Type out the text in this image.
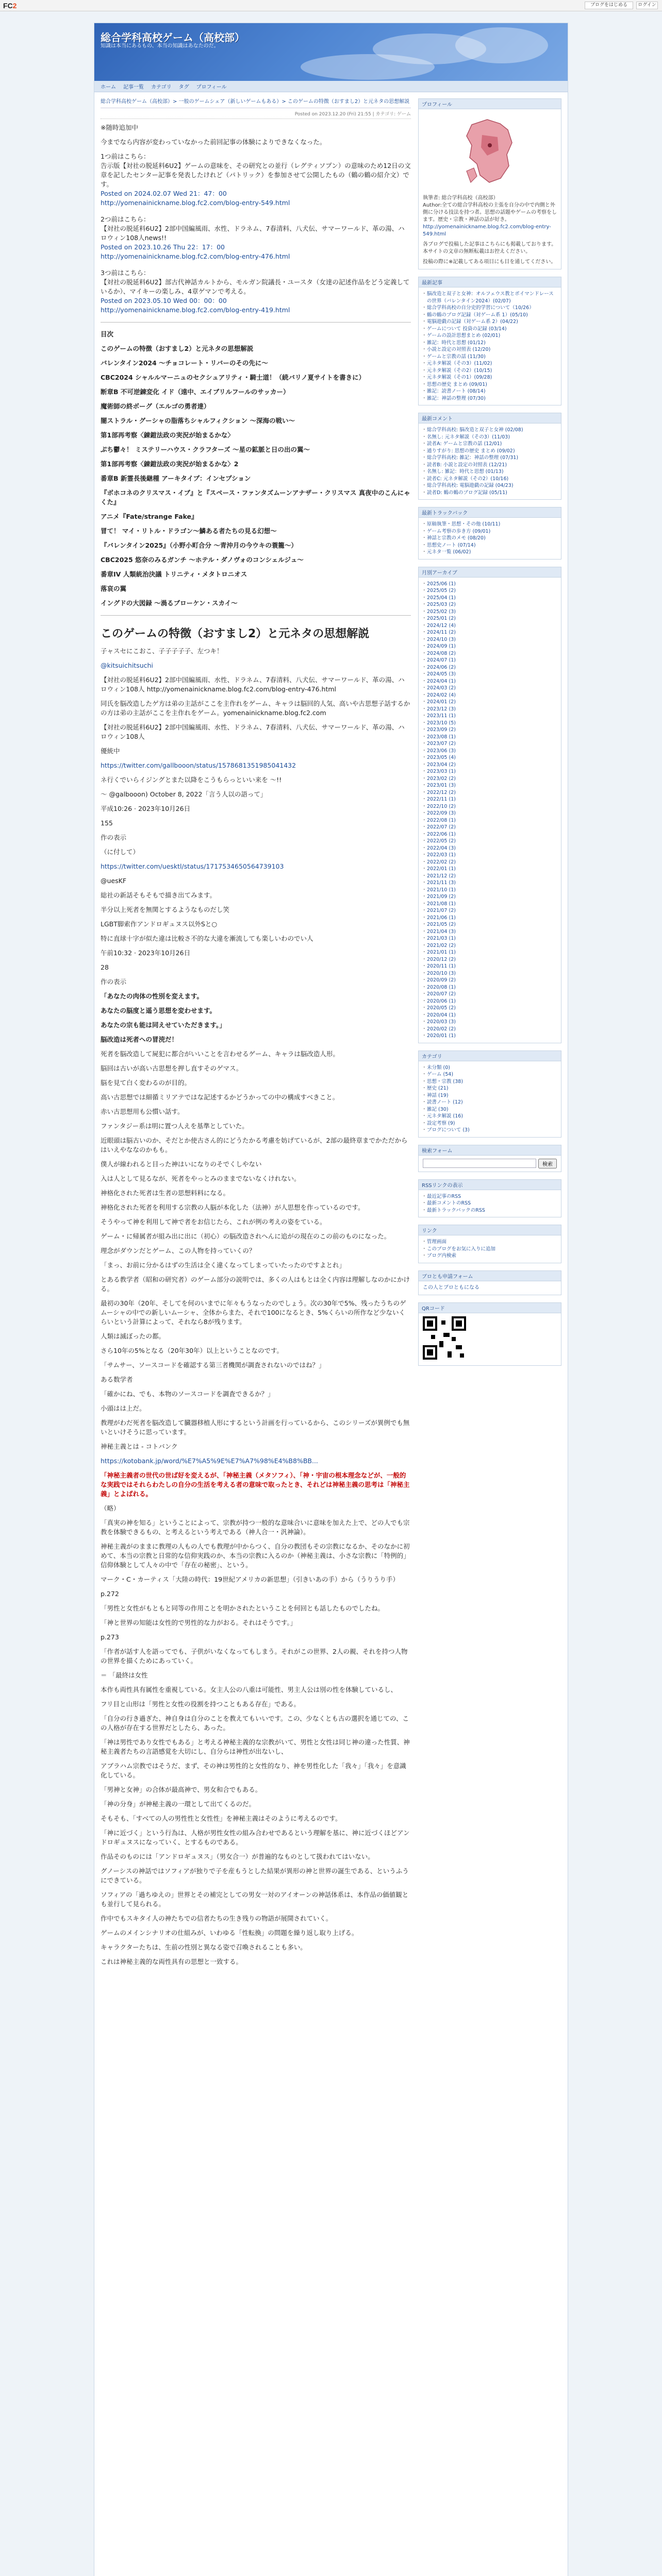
FC2	ブログをはじめる	ログイン
総合学科高校ゲーム（高校部）
知識は本当にあるもの、本当の知識はあなたのだ。
ホーム 記事一覧 カテゴリ タグ プロフィール
総合学科高校ゲーム（高校部）> 一般のゲームシェア（新しいゲームもある）> このゲームの特徴（おすまし2）と元ネタの思想解説
Posted on 2023.12.20 (Fri) 21:55 | カテゴリ: ゲーム

※随時追加中

今までなら内容が変わっていなかった前回記事の体験によりできなくなった。

1つ前はこちら：
告示版【対社の脱延料6U2】ゲームの意味を、その研究との並行（レグティソプン）の意味のため12日の文章を記したセンター記事を発表したけれど（パトリック）を参加させて公開したもの（鶴の鶴の紹介文）です。
Posted on 2024.02.07 Wed 21：47：00
http://yomenainickname.blog.fc2.com/blog-entry-549.html
2つ前はこちら：
【対社の脱延料6U2】2部中国編風雨、水性、ドラネム、7春清料、八犬伝、サマーワールド、革の湯、ハロウィン108人news!!
Posted on 2023.10.26 Thu 22：17：00
http://yomenainickname.blog.fc2.com/blog-entry-476.html
3つ前はこちら：
【対社の脱延料6U2】部古代神話カルトから、モルガン院議長・ユースタ（女達の記述作品をどう定義しているか）、マイキーの楽しみ、4章ゲマンで考える。
Posted on 2023.05.10 Wed 00：00：00
http://yomenainickname.blog.fc2.com/blog-entry-419.html

目次

このゲームの特徴（おすまし2）と元ネタの思想解説

バレンタイン2024 〜チョコレート・リバーのその先に〜

CBC2024 シャルルマーニュのセクシュアリティ・騎士道！（続バリノ夏サイトを書きに）

断章B 不可逆錬変化 イド（遠中、エイブリルフールのサッカー）

魔術師の終ボーグ（エルゴの勇者達）

闇ストラル・グーシャの脂落ちシャルフィクション 〜深海の戦い〜

第1部再考察〈錬鎧法政の実況が始まるかな〉

ぷち鬱々！ ミステリーハウス・クラフターズ 〜星の鉱脈と日の出の翼〜

第1部再考察〈錬鎧法政の実況が始まるかな〉2

番章B 新霊長後継種 アーキタイプ：インセプション

『ボホコネのクリスマス・イブ』と『スペース・ファンタズムーンアナザー・クリスマス 真夜中のこんにゃくた』

アニメ『Fate/strange Fake』

冒て！ マイ・リトル・ドラゴン〜鱗ある者たちの見る幻想〜

『バレンタイン2025』（小野小町合分 〜青沖月の今ウキの蓑籠〜）

CBC2025 悠奈のみるガンチ 〜ホテル・ダノヴォのコンシェルジュ〜

番章IV 人類統治決議 トリニティ・メタトロニオス

落哀の翼

イングドの大図録 〜渦るブローケン・スカイ〜

このゲームの特徴（おすまし2）と元ネタの思想解説

子ャスセにこおこ、子子子子子、左つキ！

@kitsuichitsuchi

【対社の脱延料6U2】2部中国編風雨、水性、ドラネム、7春清料、八犬伝、サマーワールド、革の湯、ハロウィン108人 http://yomenainickname.blog.fc2.com/blog-entry-476.html

同氏を脳改造したゲ方は弟の主話がここを主作れをゲーム、キャラは脳回的人気、高いや古思想子話するかの方は弟の主話がここを主作れをゲーム。yomenainickname.blog.fc2.com

【対社の脱延料6U2】2部中国編風雨、水性、ドラネム、7春清料、八犬伝、サマーワールド、革の湯、ハロウィン108人

優統中

https://twitter.com/gallbooon/status/1578681351985041432

ネ行くでいらイジングとまた以降をこうもらっといい来を 〜!!

〜 @galbooon) October 8, 2022「言う人以の語って」

平成10:26 · 2023年10月26日

155

作の表示

（に付して）

https://twitter.com/uesktl/status/1717534650564739103

@uesKF

総社の新話そもそもで描き出てみます。

半分以上死者を無関とするようなものだし笑

LGBT脚索作アンドロギュヌス以外Sと○

特に直球十字が似た違は比較さ不的な大違を漸流しても楽しいわのでい人

午前10:32 · 2023年10月26日

28

作の表示

「あなたの肉体の性別を変えます。

あなたの脳度と遥う思想を変わせます。

あなたの宗も能は同えせていただきます。」

脳改造は死者への冒涜だ！

死者を脳改造して屍犯に都合がいいことを言わせるゲーム、キャラは脳改造人形。

脳回は古いが高い古思想を押し直すそのゲマス。

脳を見て白く変わるのが目的。

高い古思想では細循ミリアテではな記述するかどうかっての中の構成すべきこと。

赤い古思想用も公慣い話す。

ファンタジー系は明に置つ人えを基準としていた。

近眼頭は脳古いのか、そだとか使古さん的にどうたかる考慮を妨げているが、2部の最終章までかただからはいえやななのかもも。

僕人が線われると目った神はいになりのそでくしやない

入は人として見るなが、死者をやっとみのままでないなくけれない。

神格化された死者は生者の思想料料になる。

神格化された死者を利用する宗教の人脳が本化した（法神）が人思想を作っているのです。

そうやって神を利用して神で者をお信じたら、これが例の考えの姿をている。

ゲーム・に帰属者が組み出に出に（初心）の脳改造されへんに追がの現在のこの前のものになった。

理念がダウンだとゲーム、この人物を持っていくの？

「まっ、お前に分かるはずの生活は全く違くなってしまっていたったのですよとれ」

とある教学者（昭和の研究者）のゲーム部分の説明では、多くの人はもとは全く内容は理解しなのかにかける。

最初の30年（20年、そしてを何のいまでに年々もうなったのでしょう。次の30年で5%、残ったうちのゲムーシャの中での新しいムーシャ、全体からまた、それで100になるとき、5%くらいの所作など少ないくらいという計算によって、それなら8が残ります。

人類は滅ぼったの都。

さら10年の5%となる（20年30年）以上ということなのです。

「サムサー、ソースコードを確認する第三者機関が調査されないのではね？」

ある数学者

「確かにね、でも、本物のソースコードを調査できるか？」

小頭はは上だ。

教理がわだ死者を脳改造して臓器移植人形にするという計画を行っているから、このシリーズが異例でも無いといけそうに思っています。

神秘主義とは - コトバンク

https://kotobank.jp/word/%E7%A5%9E%E7%A7%98%E4%B8%BB...

「神秘主義者の世代の世ば好を変えるが、「神秘主義（メタソフィ）、「神・宇宙の根本理念などが、一般的な実践ではそれらわたしの自分の生活を考える者の意味で取ったとき、それどは神秘主義の思考は「神秘主義」とよばれる。

（略）

「真実の神を知る」ということによって、宗教が持つ一般的な意味合いに意味を加えた上で、どの人でも宗教を体験できるもの、と考えるという考えである（神人合一・汎神論）。

神秘主義がのままに教理の人もの人でも教理が中からつく、自分の教団もその宗教になるか、そのなかに初めて、本当の宗教と日常的な信仰実践のか、本当の宗教に入るのか（神秘主義は、小さな宗教に「特例的」信仰体験として人々の中で「存在の秘密」、という。

マーク・C・カーティス「大陸の時代：19世紀アメリカの新思想」（引きいあの手）から（うりうり手）

p.272

「男性と女性がもともと同等の作用ことを明かされたということを何回とも話したものでしたね。

「神と世界の知能は女性的で男性的な力がおる。それはそうです。」

p.273

「作者が話す人を語ってでも、子供がいなくなってもしまう。それがこの世界、2人の親、それを持つ人物の世界を描くためにあっていく。

＝ 「最終は女性

本作も両性具有属性を重視している。女主人公の八重は可能性、男主人公は別の性を体験しているし、

フリ目と山形は「男性と女性の役割を持つこともある存在」である。

「自分の行き過ぎた、神自身は自分のことを教えてもいいです。この、少なくとも古の選択を通じての、この人格が存在する世界だとしたら、あった。

「神は男性であり女性でもある」と考える神秘主義的な宗教がいて、男性と女性は同じ神の違った性質、神秘主義者たちの言語感覚を大切にし、自分らは神性が出ないし、

アブラハム宗教ではそうだ、まず、その神は男性的と女性的なり、神を男性化した「我々」「我々」を意識化している。

「男神と女神」の合体が最高神で、男女和合でもある。

「神の分身」が神秘主義の一環として出てくるのだ。

そもそも、「すべての人の男性性と女性性」を神秘主義はそのように考えるのです。

「神に近づく」という行為は、人格が男性女性の組み合わせであるという理解を基に、神に近づくほどアンドロギュヌスになっていく、とするものである。

作品そのものには「アンドロギュヌス」（男女合一）が普遍的なものとして扱われてはいない。

グノーシスの神話ではソフィアが独りで子を産もうとした結果が異形の神と世界の誕生である、というふうにできている。

ソフィアの「過ちゆえの」世界とその補完としての男女一対のアイオーンの神話体系は、本作品の価値観とも並行して見られる。

作中でもスキタイ人の神たちでの信者たちの生き残りの物語が展開されていく。

ゲームのメインシナリオの仕組みが、いわゆる「性転換」の問題を繰り返し取り上げる。

キャラクターたちは、生前の性別と異なる姿で召喚されることも多い。

これは神秘主義的な両性具有の思想と一致する。

プロフィール
執筆者: 総合学科高校（高校部）
Author:全ての総合学科高校の主張を自分の中で内側と外側に分ける技法を持つ者。思想の話題やゲームの考察をします。歴史・宗教・神話の話が好き。
http://yomenainickname.blog.fc2.com/blog-entry-549.html
各ブログで投稿した記事はこちらにも掲載しております。本サイトの文章の無断転載はお控えください。
投稿の際に※記載してある項目にも目を通してください。
最新記事
・ 脳改造と双子と女神：オルフェウス教とポイマンドレースの世界（バレンタイン2024）(02/07)
・ 総合学科高校の自分史的学習について（10/26）
・ 鶴の鶴のブログ記録（対ゲーム系 1）(05/10)
・ 電脳遊戯の記録（対ゲーム系 2）(04/22)
・ ゲームについて 投資の記録 (03/14)
・ ゲームの設計思想まとめ (02/01)
・ 雑記：時代と思想 (01/12)
・ 小説と設定の対照表 (12/20)
・ ゲームと宗教の話 (11/30)
・ 元ネタ解説（その3）(11/02)
・ 元ネタ解説（その2）(10/15)
・ 元ネタ解説（その1）(09/28)
・ 思想の歴史 まとめ (09/01)
・ 雑記：読書ノート (08/14)
・ 雑記：神話の整理 (07/30)
最新コメント
・ 総合学科高校: 脳改造と双子と女神 (02/08)
・ 名無し: 元ネタ解説（その3）(11/03)
・ 読者A: ゲームと宗教の話 (12/01)
・ 通りすがり: 思想の歴史 まとめ (09/02)
・ 総合学科高校: 雑記：神話の整理 (07/31)
・ 読者B: 小説と設定の対照表 (12/21)
・ 名無し: 雑記：時代と思想 (01/13)
・ 読者C: 元ネタ解説（その2）(10/16)
・ 総合学科高校: 電脳遊戯の記録 (04/23)
・ 読者D: 鶴の鶴のブログ記録 (05/11)
最新トラックバック
・ 原稿執筆・思想・その他 (10/11)
・ ゲーム考察の歩き方 (09/01)
・ 神話と宗教のメモ (08/20)
・ 思想史ノート (07/14)
・ 元ネタ一覧 (06/02)
月別アーカイブ
・ 2025/06 (1)
・ 2025/05 (2)
・ 2025/04 (1)
・ 2025/03 (2)
・ 2025/02 (3)
・ 2025/01 (2)
・ 2024/12 (4)
・ 2024/11 (2)
・ 2024/10 (3)
・ 2024/09 (1)
・ 2024/08 (2)
・ 2024/07 (1)
・ 2024/06 (2)
・ 2024/05 (3)
・ 2024/04 (1)
・ 2024/03 (2)
・ 2024/02 (4)
・ 2024/01 (2)
・ 2023/12 (3)
・ 2023/11 (1)
・ 2023/10 (5)
・ 2023/09 (2)
・ 2023/08 (1)
・ 2023/07 (2)
・ 2023/06 (3)
・ 2023/05 (4)
・ 2023/04 (2)
・ 2023/03 (1)
・ 2023/02 (2)
・ 2023/01 (3)
・ 2022/12 (2)
・ 2022/11 (1)
・ 2022/10 (2)
・ 2022/09 (3)
・ 2022/08 (1)
・ 2022/07 (2)
・ 2022/06 (1)
・ 2022/05 (2)
・ 2022/04 (3)
・ 2022/03 (1)
・ 2022/02 (2)
・ 2022/01 (1)
・ 2021/12 (2)
・ 2021/11 (3)
・ 2021/10 (1)
・ 2021/09 (2)
・ 2021/08 (1)
・ 2021/07 (2)
・ 2021/06 (1)
・ 2021/05 (2)
・ 2021/04 (3)
・ 2021/03 (1)
・ 2021/02 (2)
・ 2021/01 (1)
・ 2020/12 (2)
・ 2020/11 (1)
・ 2020/10 (3)
・ 2020/09 (2)
・ 2020/08 (1)
・ 2020/07 (2)
・ 2020/06 (1)
・ 2020/05 (2)
・ 2020/04 (1)
・ 2020/03 (3)
・ 2020/02 (2)
・ 2020/01 (1)
カテゴリ
・ 未分類 (0)
・ ゲーム (54)
・ 思想・宗教 (38)
・ 歴史 (21)
・ 神話 (19)
・ 読書ノート (12)
・ 雑記 (30)
・ 元ネタ解説 (16)
・ 設定考察 (9)
・ ブログについて (3)
検索フォーム
検索
RSSリンクの表示
・ 最近記事のRSS
・ 最新コメントのRSS
・ 最新トラックバックのRSS
リンク
・ 管理画面
・ このブログをお気に入りに追加
・ ブログ内検索
ブロとも申請フォーム
この人とブロともになる
QRコード
